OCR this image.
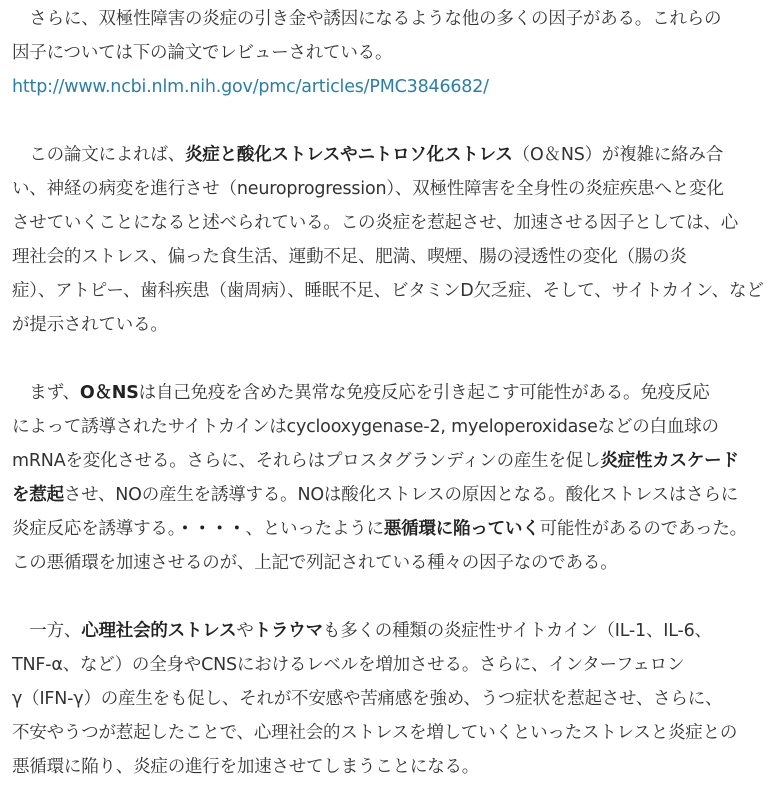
　さらに、双極性障害の炎症の引き金や誘因になるような他の多くの因子がある。これらの
因子については下の論文でレビューされている。
http://www.ncbi.nlm.nih.gov/pmc/articles/PMC3846682/
　この論文によれば、炎症と酸化ストレスやニトロソ化ストレス（O＆NS）が複雑に絡み合
い、神経の病変を進行させ（neuroprogression）、双極性障害を全身性の炎症疾患へと変化
させていくことになると述べられている。この炎症を惹起させ、加速させる因子としては、心
理社会的ストレス、偏った食生活、運動不足、肥満、喫煙、腸の浸透性の変化（腸の炎
症）、アトピー、歯科疾患（歯周病）、睡眠不足、ビタミンD欠乏症、そして、サイトカイン、など
が提示されている。
　まず、O＆NSは自己免疫を含めた異常な免疫反応を引き起こす可能性がある。免疫反応
によって誘導されたサイトカインはcyclooxygenase-2, myeloperoxidaseなどの白血球の
mRNAを変化させる。さらに、それらはプロスタグランディンの産生を促し炎症性カスケード
を惹起させ、NOの産生を誘導する。NOは酸化ストレスの原因となる。酸化ストレスはさらに
炎症反応を誘導する。・・・・、といったように悪循環に陥っていく可能性があるのであった。
この悪循環を加速させるのが、上記で列記されている種々の因子なのである。
　一方、心理社会的ストレスやトラウマも多くの種類の炎症性サイトカイン（IL-1、IL-6、
TNF-α、など）の全身やCNSにおけるレベルを増加させる。さらに、インターフェロン
γ（IFN-γ）の産生をも促し、それが不安感や苦痛感を強め、うつ症状を惹起させ、さらに、
不安やうつが惹起したことで、心理社会的ストレスを増していくといったストレスと炎症との
悪循環に陥り、炎症の進行を加速させてしまうことになる。
